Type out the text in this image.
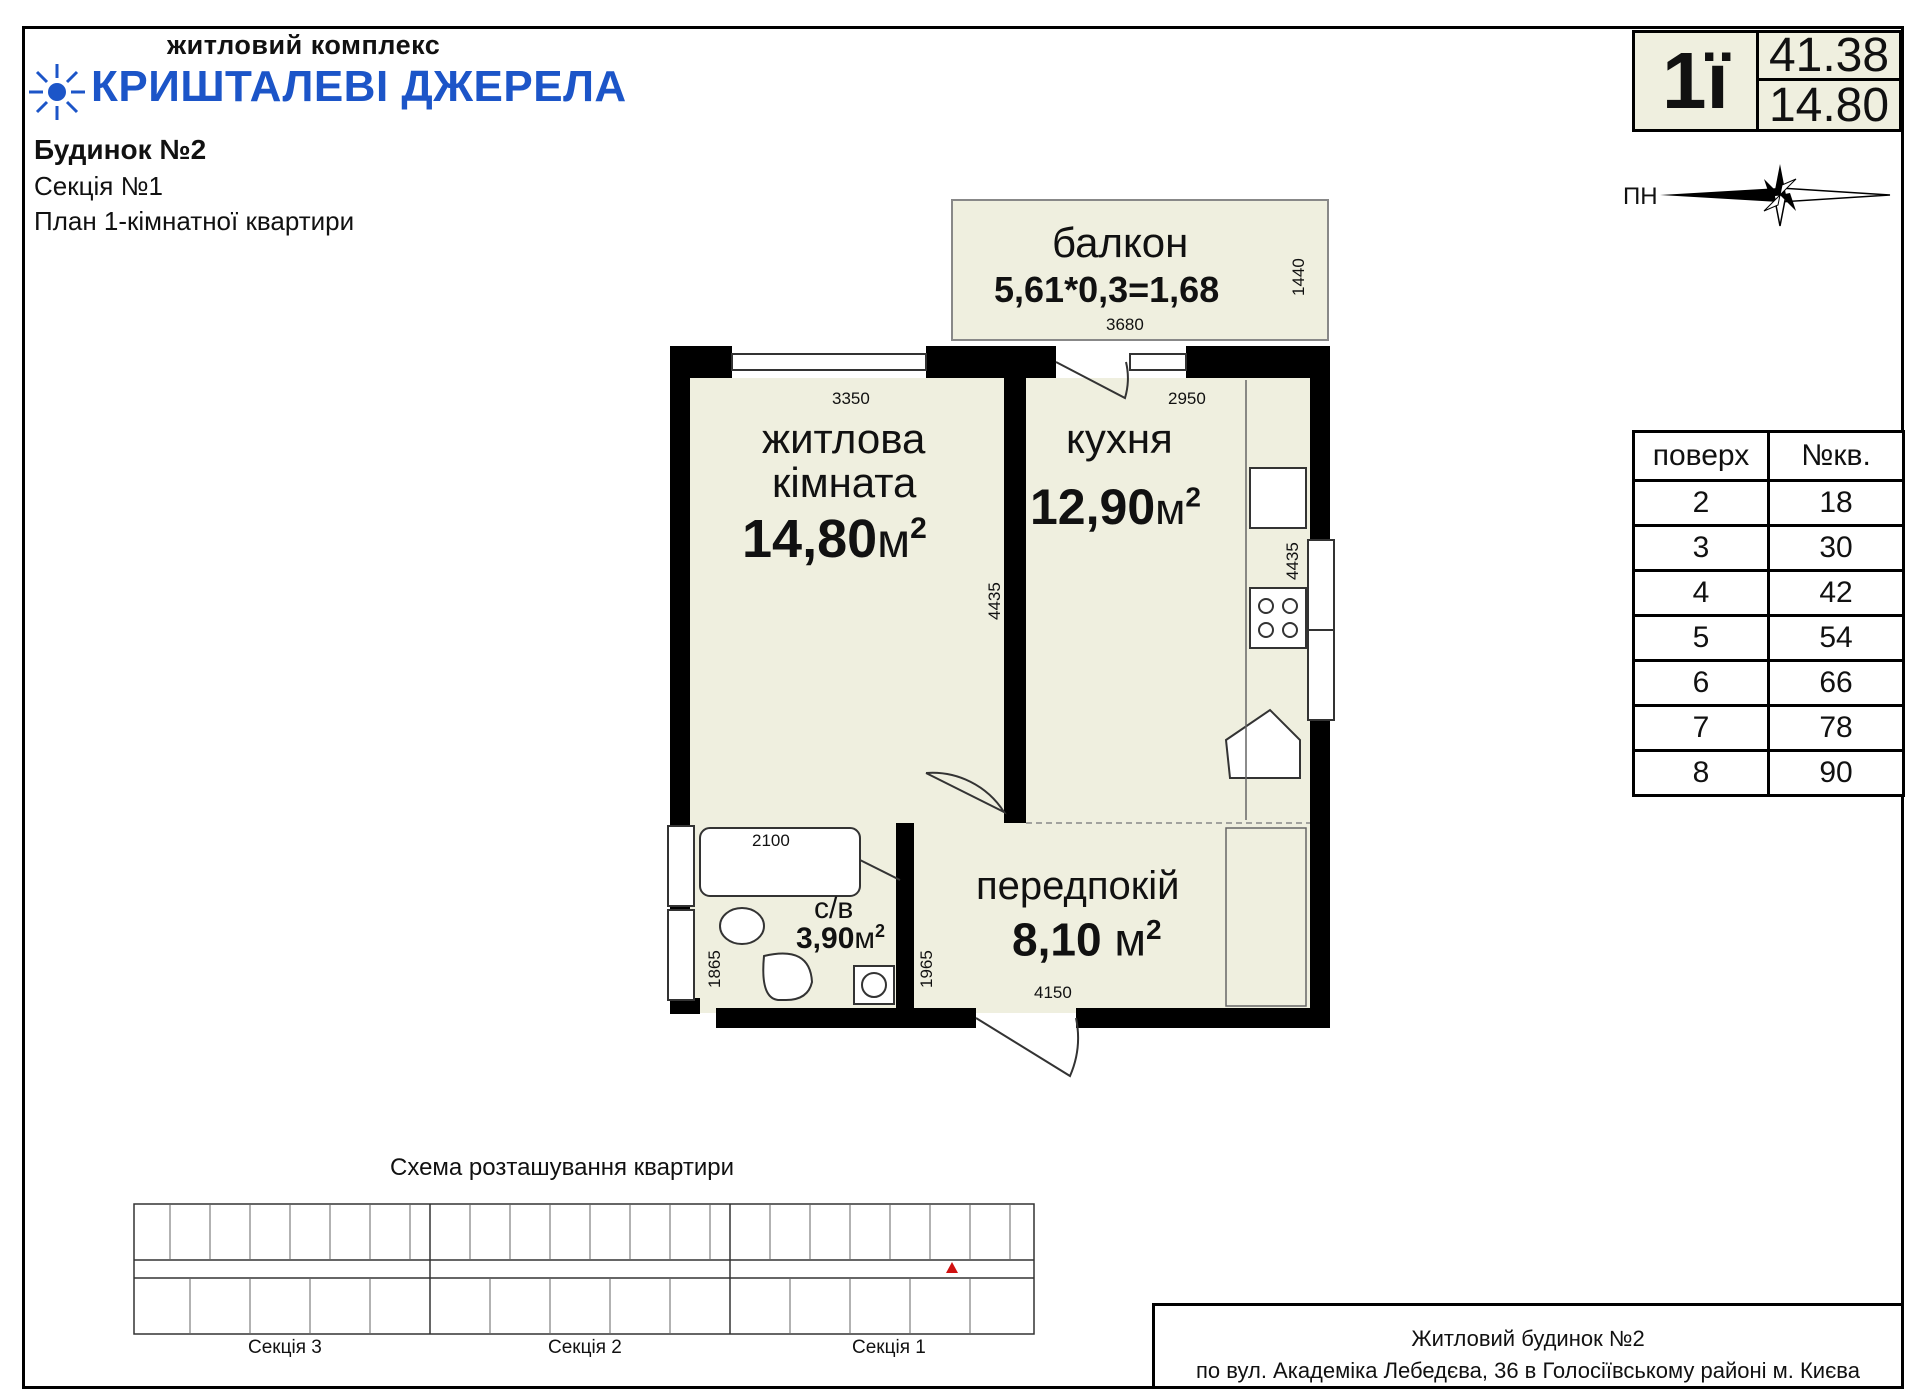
житловий комплекс
КРИШТАЛЕВІ ДЖЕРЕЛА
Будинок №2
Секція №1
План 1-кімнатної квартири
1ї 41.38
14.80
ПН
балкон
5,61*0,3=1,68
житлова
кімната
$14,80м^2$
кухня
$12,90м^2$
с/в
$3,90м^2$
передпокій
8,10 $м^2$
3680
1440
3350
4435
2950
4435
2100
1865	1965
4150
поверх	№кв.
2	18
3	30
4	42
5	54
6	66
7	78
8	90
Схема розташування квартири
Секція 3	Секція 2	Секція 1	Житловий будинок №2
по вул. Академіка Лебедєва, 36 в Голосіївському районі м. Києва
